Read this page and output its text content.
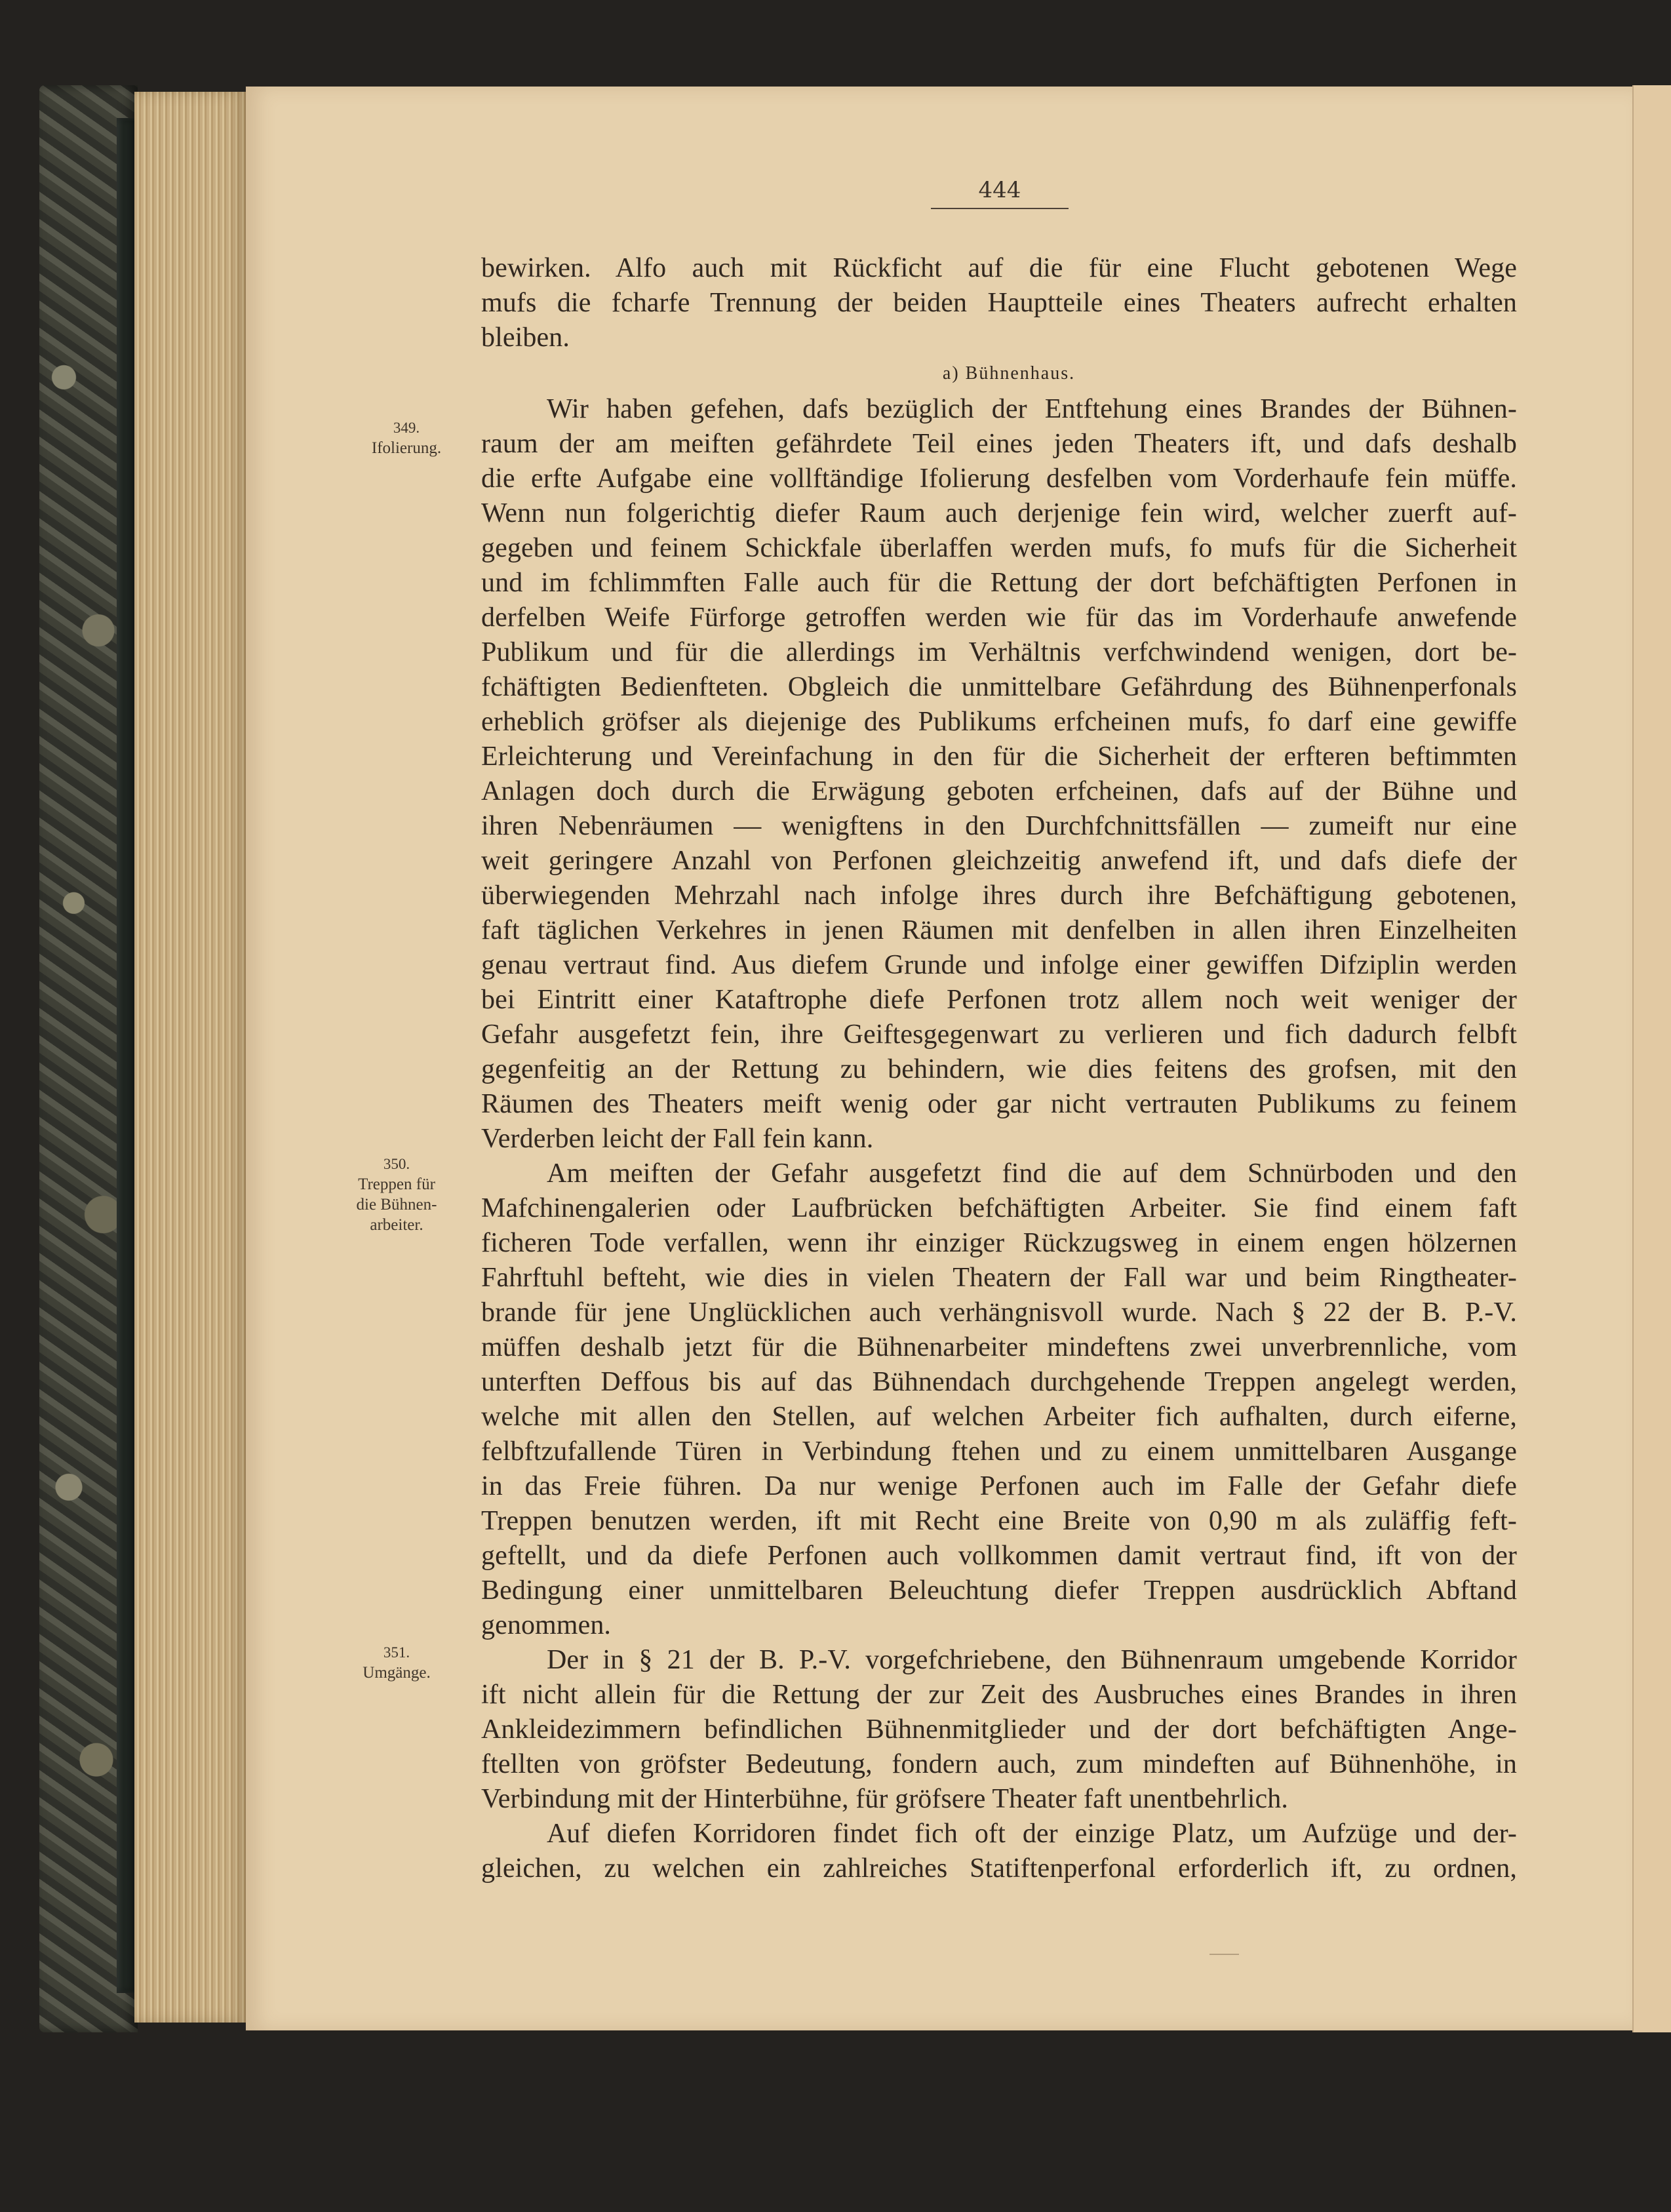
444
349.
Ifolierung.
350.
Treppen für die Bühnen- arbeiter.
351.
Umgänge.
bewirken. Alfo auch mit Rückficht auf die für eine Flucht gebotenen Wege
mufs die fcharfe Trennung der beiden Hauptteile eines Theaters aufrecht erhalten
bleiben.
a) Bühnenhaus.
Wir haben gefehen, dafs bezüglich der Entftehung eines Brandes der Bühnen-
raum der am meiften gefährdete Teil eines jeden Theaters ift, und dafs deshalb
die erfte Aufgabe eine vollftändige Ifolierung desfelben vom Vorderhaufe fein müffe.
Wenn nun folgerichtig diefer Raum auch derjenige fein wird, welcher zuerft auf-
gegeben und feinem Schickfale überlaffen werden mufs, fo mufs für die Sicherheit
und im fchlimmften Falle auch für die Rettung der dort befchäftigten Perfonen in
derfelben Weife Fürforge getroffen werden wie für das im Vorderhaufe anwefende
Publikum und für die allerdings im Verhältnis verfchwindend wenigen, dort be-
fchäftigten Bedienfteten. Obgleich die unmittelbare Gefährdung des Bühnenperfonals
erheblich gröfser als diejenige des Publikums erfcheinen mufs, fo darf eine gewiffe
Erleichterung und Vereinfachung in den für die Sicherheit der erfteren beftimmten
Anlagen doch durch die Erwägung geboten erfcheinen, dafs auf der Bühne und
ihren Nebenräumen — wenigftens in den Durchfchnittsfällen — zumeift nur eine
weit geringere Anzahl von Perfonen gleichzeitig anwefend ift, und dafs diefe der
überwiegenden Mehrzahl nach infolge ihres durch ihre Befchäftigung gebotenen,
faft täglichen Verkehres in jenen Räumen mit denfelben in allen ihren Einzelheiten
genau vertraut find. Aus diefem Grunde und infolge einer gewiffen Difziplin werden
bei Eintritt einer Kataftrophe diefe Perfonen trotz allem noch weit weniger der
Gefahr ausgefetzt fein, ihre Geiftesgegenwart zu verlieren und fich dadurch felbft
gegenfeitig an der Rettung zu behindern, wie dies feitens des grofsen, mit den
Räumen des Theaters meift wenig oder gar nicht vertrauten Publikums zu feinem
Verderben leicht der Fall fein kann.
Am meiften der Gefahr ausgefetzt find die auf dem Schnürboden und den
Mafchinengalerien oder Laufbrücken befchäftigten Arbeiter. Sie find einem faft
ficheren Tode verfallen, wenn ihr einziger Rückzugsweg in einem engen hölzernen
Fahrftuhl befteht, wie dies in vielen Theatern der Fall war und beim Ringtheater-
brande für jene Unglücklichen auch verhängnisvoll wurde. Nach § 22 der B. P.-V.
müffen deshalb jetzt für die Bühnenarbeiter mindeftens zwei unverbrennliche, vom
unterften Deffous bis auf das Bühnendach durchgehende Treppen angelegt werden,
welche mit allen den Stellen, auf welchen Arbeiter fich aufhalten, durch eiferne,
felbftzufallende Türen in Verbindung ftehen und zu einem unmittelbaren Ausgange
in das Freie führen. Da nur wenige Perfonen auch im Falle der Gefahr diefe
Treppen benutzen werden, ift mit Recht eine Breite von 0,90 m als zuläffig feft-
geftellt, und da diefe Perfonen auch vollkommen damit vertraut find, ift von der
Bedingung einer unmittelbaren Beleuchtung diefer Treppen ausdrücklich Abftand
genommen.
Der in § 21 der B. P.-V. vorgefchriebene, den Bühnenraum umgebende Korridor
ift nicht allein für die Rettung der zur Zeit des Ausbruches eines Brandes in ihren
Ankleidezimmern befindlichen Bühnenmitglieder und der dort befchäftigten Ange-
ftellten von gröfster Bedeutung, fondern auch, zum mindeften auf Bühnenhöhe, in
Verbindung mit der Hinterbühne, für gröfsere Theater faft unentbehrlich.
Auf diefen Korridoren findet fich oft der einzige Platz, um Aufzüge und der-
gleichen, zu welchen ein zahlreiches Statiftenperfonal erforderlich ift, zu ordnen,
